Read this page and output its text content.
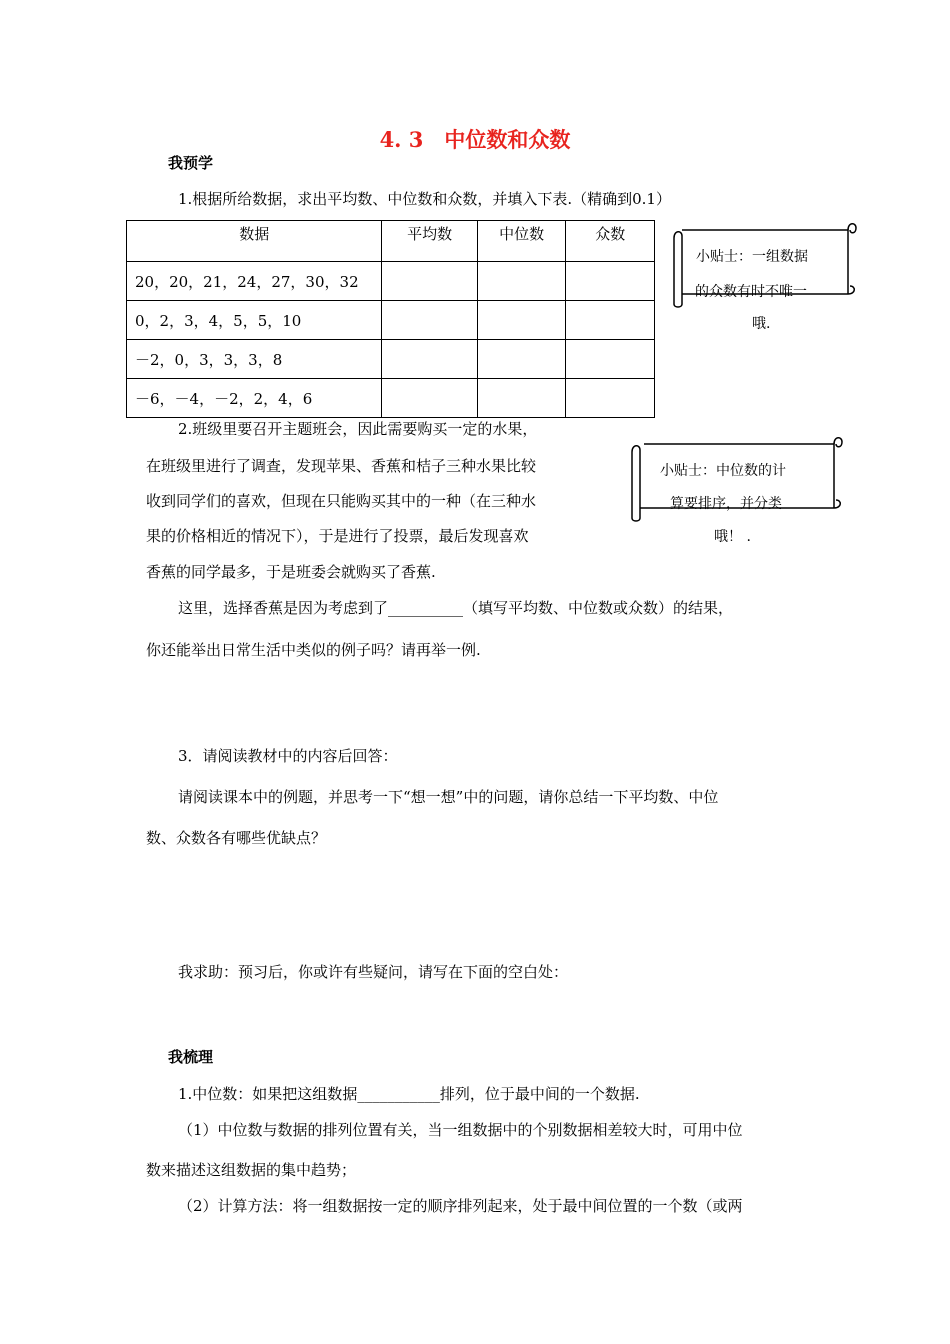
4. 3　中位数和众数
我预学
1.根据所给数据，求出平均数、中位数和众数，并填入下表.（精确到0.1）
数据	平均数	中位数	众数
20，20，21，24，27，30，32			
0，2，3，4，5，5，10			
－2，0，3，3，3，8			
－6，－4，－2，2，4，6			
小贴士：一组数据
的众数有时不唯一
哦.
2.班级里要召开主题班会，因此需要购买一定的水果，
在班级里进行了调查，发现苹果、香蕉和桔子三种水果比较
收到同学们的喜欢，但现在只能购买其中的一种（在三种水
果的价格相近的情况下），于是进行了投票，最后发现喜欢
香蕉的同学最多，于是班委会就购买了香蕉.
小贴士：中位数的计
算要排序，并分类
哦！ .
这里，选择香蕉是因为考虑到了__________（填写平均数、中位数或众数）的结果，
你还能举出日常生活中类似的例子吗？请再举一例.
3．请阅读教材中的内容后回答：
请阅读课本中的例题，并思考一下“想一想”中的问题，请你总结一下平均数、中位
数、众数各有哪些优缺点？
我求助：预习后，你或许有些疑问，请写在下面的空白处：
我梳理
1.中位数：如果把这组数据___________排列，位于最中间的一个数据.
（1）中位数与数据的排列位置有关，当一组数据中的个别数据相差较大时，可用中位
数来描述这组数据的集中趋势；
（2）计算方法：将一组数据按一定的顺序排列起来，处于最中间位置的一个数（或两
